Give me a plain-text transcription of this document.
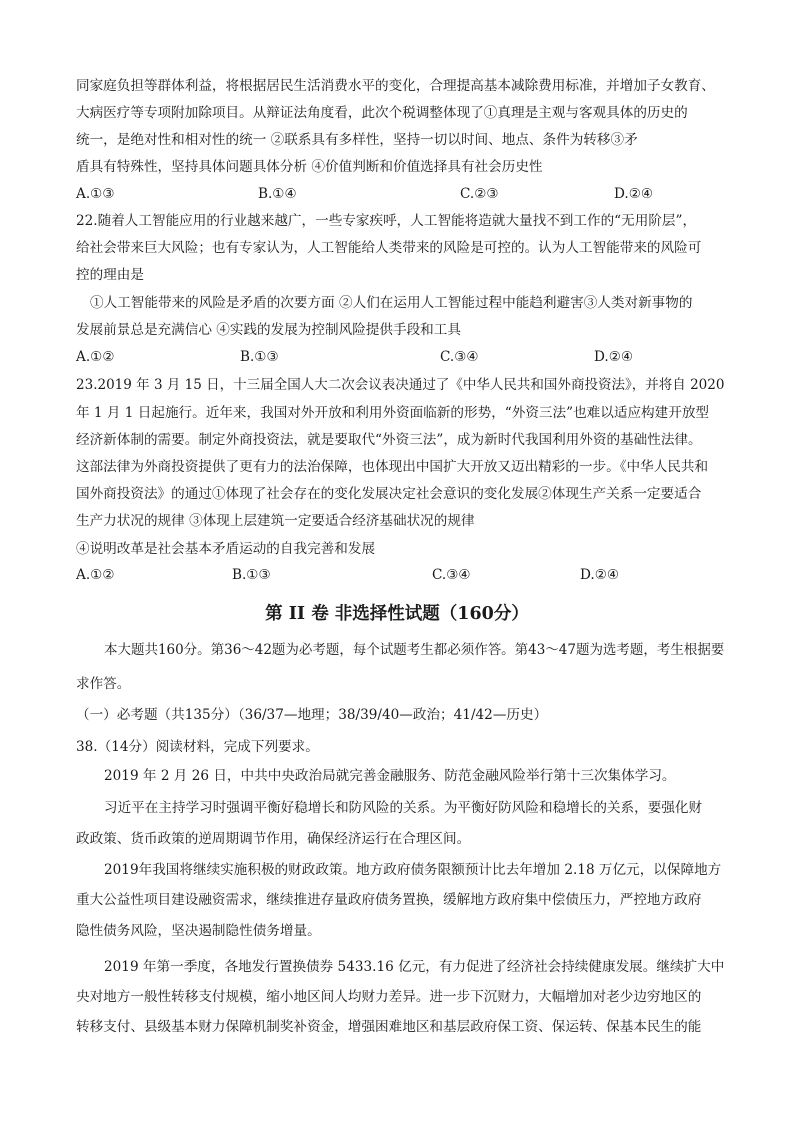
同家庭负担等群体利益，将根据居民生活消费水平的变化，合理提高基本减除费用标准，并增加子女教育、
大病医疗等专项附加除项目。从辩证法角度看，此次个税调整体现了①真理是主观与客观具体的历史的
统一，是绝对性和相对性的统一 ②联系具有多样性，坚持一切以时间、地点、条件为转移③矛
盾具有特殊性，坚持具体问题具体分析 ④价值判断和价值选择具有社会历史性
A.①③	B.①④	C.②③	D.②④
22.随着人工智能应用的行业越来越广，一些专家疾呼，人工智能将造就大量找不到工作的“无用阶层”，
给社会带来巨大风险；也有专家认为，人工智能给人类带来的风险是可控的。认为人工智能带来的风险可
控的理由是
①人工智能带来的风险是矛盾的次要方面 ②人们在运用人工智能过程中能趋利避害③人类对新事物的
发展前景总是充满信心 ④实践的发展为控制风险提供手段和工具
A.①②	B.①③	C.③④	D.②④
23.2019 年 3 月 15 日，十三届全国人大二次会议表决通过了《中华人民共和国外商投资法》，并将自 2020
年 1 月 1 日起施行。近年来，我国对外开放和利用外资面临新的形势，“外资三法”也难以适应构建开放型
经济新体制的需要。制定外商投资法，就是要取代“外资三法”，成为新时代我国利用外资的基础性法律。
这部法律为外商投资提供了更有力的法治保障，也体现出中国扩大开放又迈出精彩的一步。《中华人民共和
国外商投资法》的通过①体现了社会存在的变化发展决定社会意识的变化发展②体现生产关系一定要适合
生产力状况的规律 ③体现上层建筑一定要适合经济基础状况的规律
④说明改革是社会基本矛盾运动的自我完善和发展
A.①②	B.①③	C.③④	D.②④
第 II 卷 非选择性试题（160分）
本大题共160分。第36～42题为必考题，每个试题考生都必须作答。第43～47题为选考题，考生根据要
求作答。
（一）必考题（共135分）（36/37—地理；38/39/40—政治；41/42—历史）
38.（14分）阅读材料，完成下列要求。
2019 年 2 月 26 日，中共中央政治局就完善金融服务、防范金融风险举行第十三次集体学习。
习近平在主持学习时强调平衡好稳增长和防风险的关系。为平衡好防风险和稳增长的关系，要强化财
政政策、货币政策的逆周期调节作用，确保经济运行在合理区间。
2019年我国将继续实施积极的财政政策。地方政府债务限额预计比去年增加 2.18 万亿元，以保障地方
重大公益性项目建设融资需求，继续推进存量政府债务置换，缓解地方政府集中偿债压力，严控地方政府
隐性债务风险，坚决遏制隐性债务增量。
2019 年第一季度，各地发行置换债券 5433.16 亿元，有力促进了经济社会持续健康发展。继续扩大中
央对地方一般性转移支付规模，缩小地区间人均财力差异。进一步下沉财力，大幅增加对老少边穷地区的
转移支付、县级基本财力保障机制奖补资金，增强困难地区和基层政府保工资、保运转、保基本民生的能
